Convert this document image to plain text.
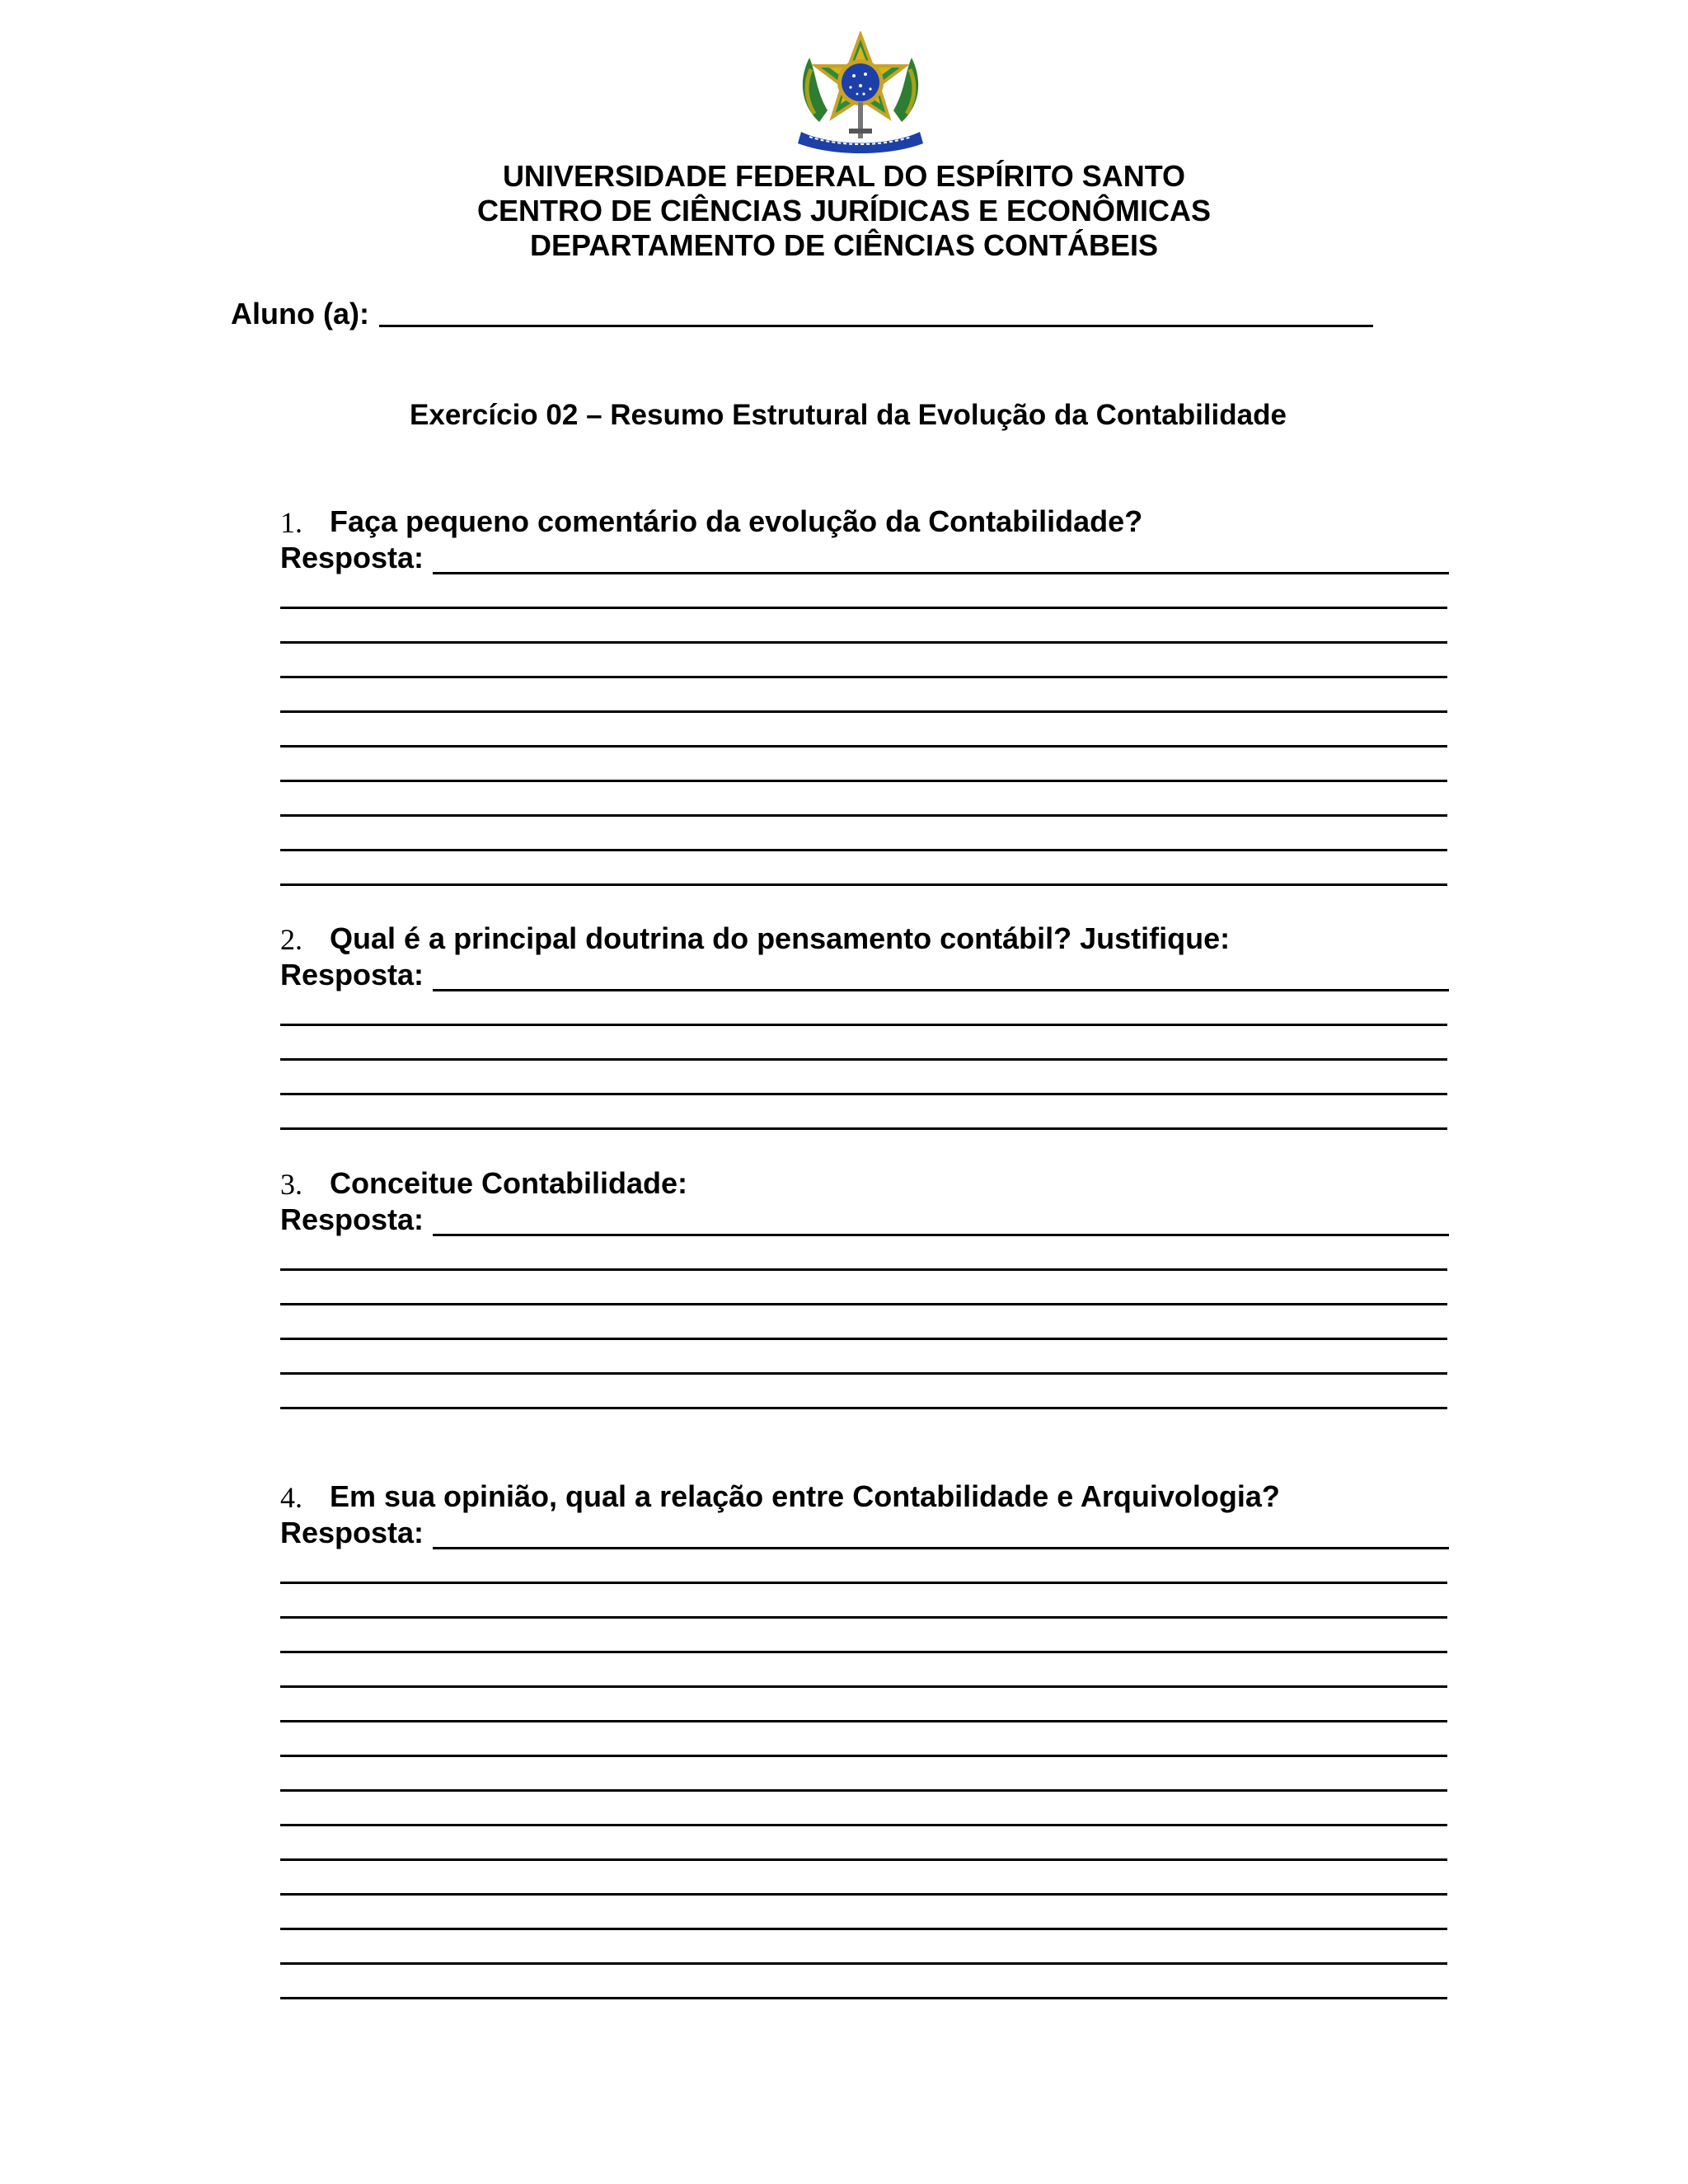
UNIVERSIDADE FEDERAL DO ESPÍRITO SANTO
CENTRO DE CIÊNCIAS JURÍDICAS E ECONÔMICAS
DEPARTAMENTO DE CIÊNCIAS CONTÁBEIS
Aluno (a):
Exercício 02 – Resumo Estrutural da Evolução da Contabilidade
1. Faça pequeno comentário da evolução da Contabilidade?
Resposta:
2. Qual é a principal doutrina do pensamento contábil? Justifique:
Resposta:
3. Conceitue Contabilidade:
Resposta:
4. Em sua opinião, qual a relação entre Contabilidade e Arquivologia?
Resposta:
